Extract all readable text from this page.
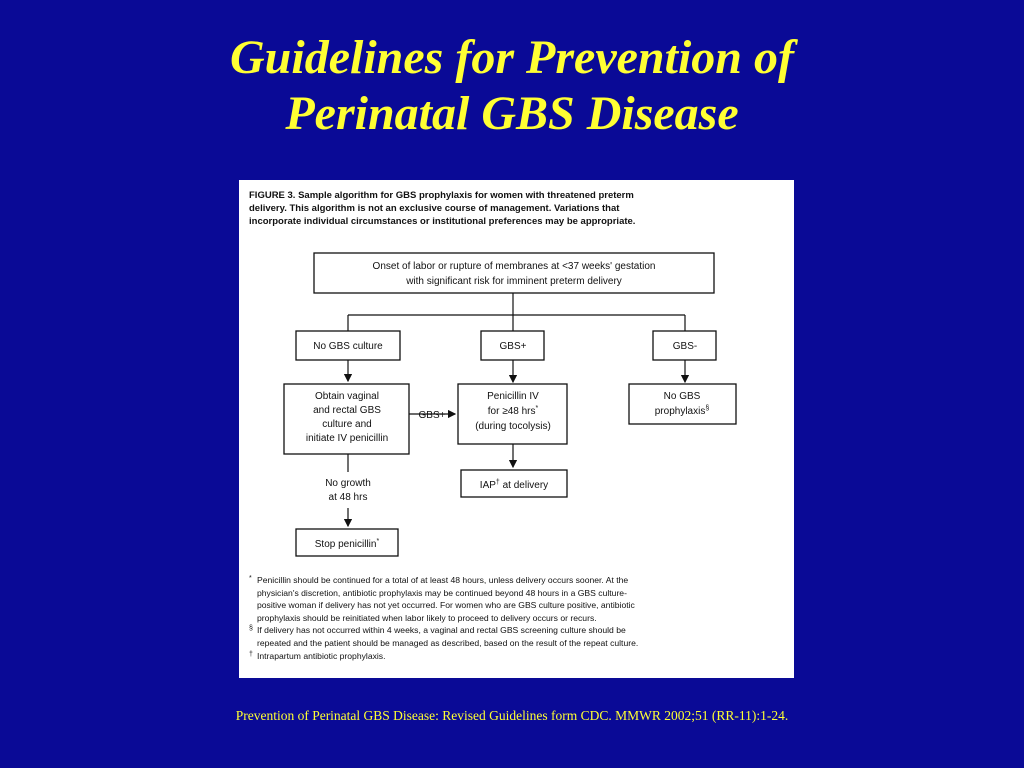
Guidelines for Prevention of
Perinatal GBS Disease
FIGURE 3. Sample algorithm for GBS prophylaxis for women with threatened preterm
delivery. This algorithm is not an exclusive course of management. Variations that
incorporate individual circumstances or institutional preferences may be appropriate.
Onset of labor or rupture of membranes at <37 weeks' gestation
with significant risk for imminent preterm delivery
No GBS culture	GBS+	GBS-
Obtain vaginal
and rectal GBS
culture and
initiate IV penicillin
Penicillin IV
for ≥48 hrs*
(during tocolysis)
No GBS
prophylaxis§
IAP† at delivery
Stop penicillin*
GBS+
No growth
at 48 hrs
* Penicillin should be continued for a total of at least 48 hours, unless delivery occurs sooner. At the
physician's discretion, antibiotic prophylaxis may be continued beyond 48 hours in a GBS culture-
positive woman if delivery has not yet occurred. For women who are GBS culture positive, antibiotic
prophylaxis should be reinitiated when labor likely to proceed to delivery occurs or recurs.
§ If delivery has not occurred within 4 weeks, a vaginal and rectal GBS screening culture should be
repeated and the patient should be managed as described, based on the result of the repeat culture.
† Intrapartum antibiotic prophylaxis.
Prevention of Perinatal GBS Disease: Revised Guidelines form CDC. MMWR 2002;51 (RR-11):1-24.
